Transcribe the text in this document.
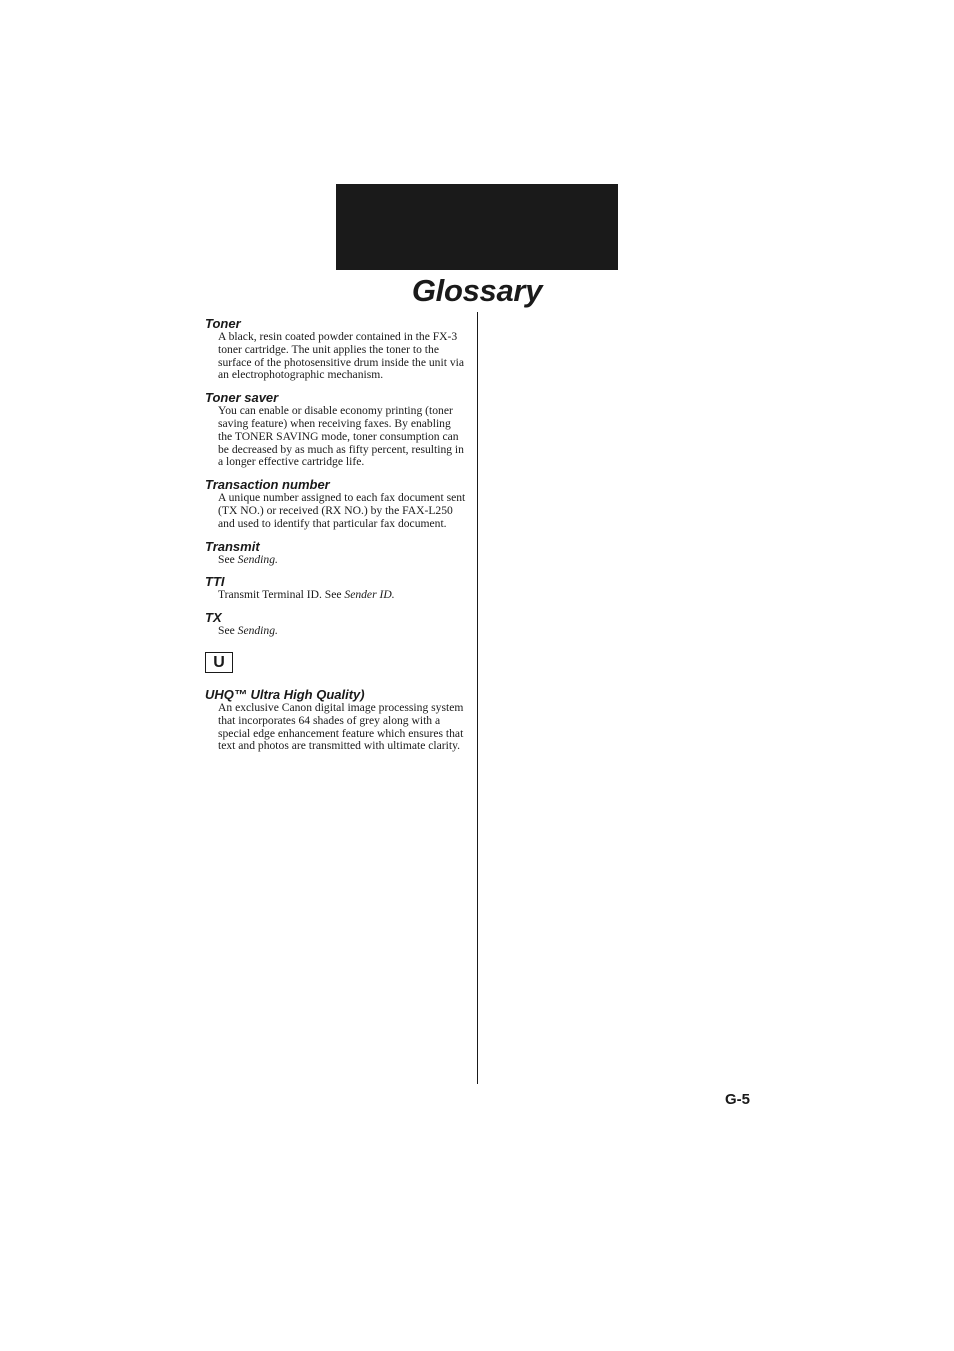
Glossary

Toner

A black, resin coated powder contained in the FX-3 toner cartridge. The unit applies the toner to the surface of the photosensitive drum inside the unit via an electrophotographic mechanism.

Toner saver

You can enable or disable economy printing (toner saving feature) when receiving faxes. By enabling the TONER SAVING mode, toner consumption can be decreased by as much as fifty percent, resulting in a longer effective cartridge life.

Transaction number

A unique number assigned to each fax document sent (TX NO.) or received (RX NO.) by the FAX-L250 and used to identify that particular fax document.

Transmit

See Sending.

TTI

Transmit Terminal ID. See Sender ID.

TX

See Sending.

U

UHQ™ Ultra High Quality)

An exclusive Canon digital image processing system that incorporates 64 shades of grey along with a special edge enhancement feature which ensures that text and photos are transmitted with ultimate clarity.

G-5
